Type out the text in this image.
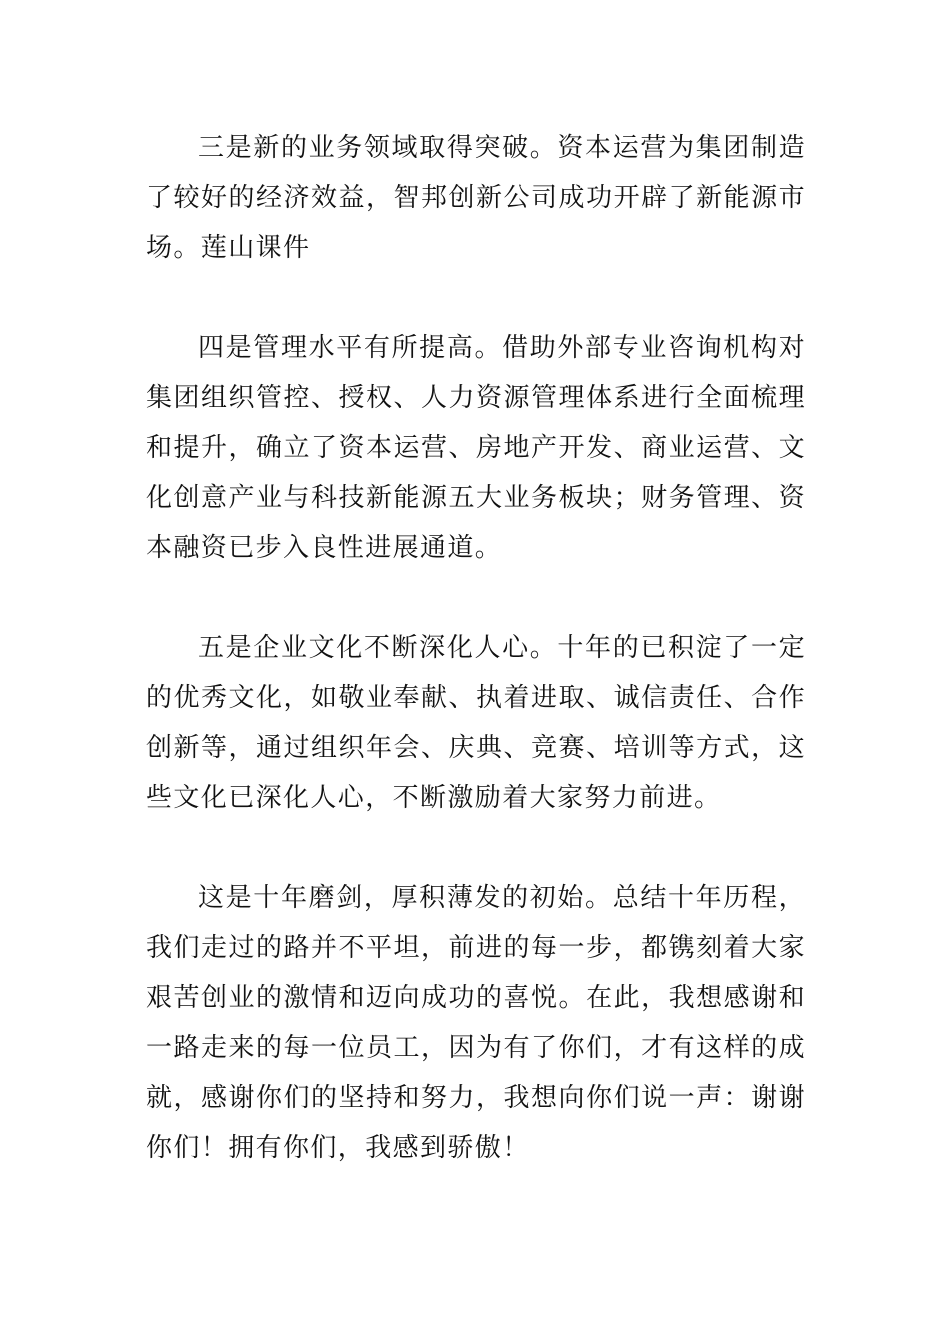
三是新的业务领域取得突破。资本运营为集团制造了较好的经济效益，智邦创新公司成功开辟了新能源市场。莲山课件

四是管理水平有所提高。借助外部专业咨询机构对集团组织管控、授权、人力资源管理体系进行全面梳理和提升，确立了资本运营、房地产开发、商业运营、文化创意产业与科技新能源五大业务板块；财务管理、资本融资已步入良性进展通道。

五是企业文化不断深化人心。十年的已积淀了一定的优秀文化，如敬业奉献、执着进取、诚信责任、合作创新等，通过组织年会、庆典、竞赛、培训等方式，这些文化已深化人心，不断激励着大家努力前进。

这是十年磨剑，厚积薄发的初始。总结十年历程，我们走过的路并不平坦，前进的每一步，都镌刻着大家艰苦创业的激情和迈向成功的喜悦。在此，我想感谢和一路走来的每一位员工，因为有了你们，才有这样的成就，感谢你们的坚持和努力，我想向你们说一声：谢谢你们！拥有你们，我感到骄傲！
